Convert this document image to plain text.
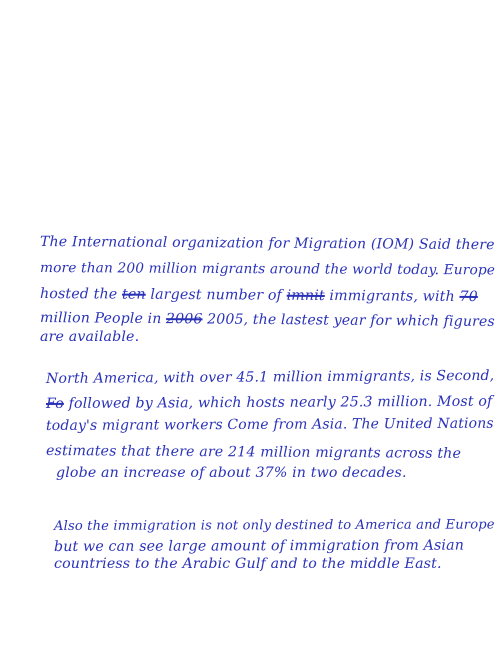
The International organization for Migration (IOM) Said there
more than 200 million migrants around the world today. Europe
hosted the ten largest number of imnit immigrants, with 70
million People in 2006 2005, the lastest year for which figures
are available.
North America, with over 45.1 million immigrants, is Second,
Fo followed by Asia, which hosts nearly 25.3 million. Most of
today's migrant workers Come from Asia. The United Nations
estimates that there are 214 million migrants across the
globe an increase of about 37% in two decades.
Also the immigration is not only destined to America and Europe
but we can see large amount of immigration from Asian
countriess to the Arabic Gulf and to the middle East.
